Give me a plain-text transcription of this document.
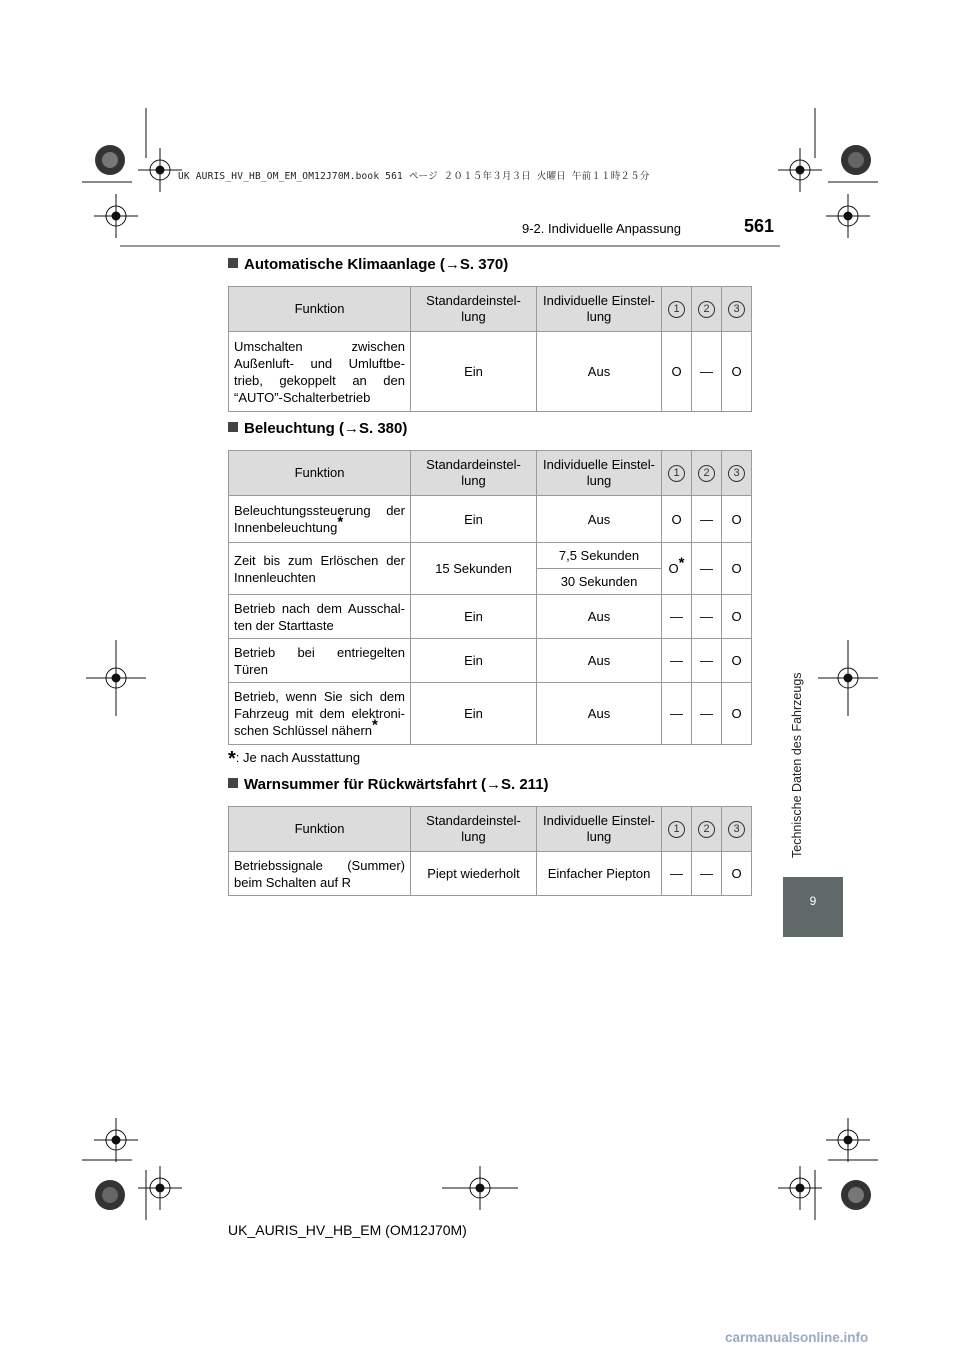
UK AURIS_HV_HB_OM_EM_OM12J70M.book 561 ページ ２０１５年３月３日 火曜日 午前１１時２５分
9-2. Individuelle Anpassung	561
Automatische Klimaanlage (→S. 370)
Funktion	Standardeinstel-lung	Individuelle Einstel-lung	1	2	3
Umschalten zwischen Außenluft- und Umluftbe-trieb, gekoppelt an den “AUTO”-Schalterbetrieb	Ein	Aus	O	—	O
Beleuchtung (→S. 380)
Funktion	Standardeinstel-lung	Individuelle Einstel-lung	1	2	3
Beleuchtungssteuerung der Innenbeleuchtung*	Ein	Aus	O	—	O
Zeit bis zum Erlöschen der Innenleuchten	15 Sekunden	7,5 Sekunden	O*	—	O
		30 Sekunden			
Betrieb nach dem Ausschal-ten der Starttaste	Ein	Aus	—	—	O
Betrieb bei entriegelten Türen	Ein	Aus	—	—	O
Betrieb, wenn Sie sich dem Fahrzeug mit dem elektroni-schen Schlüssel nähern*	Ein	Aus	—	—	O
*: Je nach Ausstattung
Warnsummer für Rückwärtsfahrt (→S. 211)
Funktion	Standardeinstel-lung	Individuelle Einstel-lung	1	2	3
Betriebssignale (Summer) beim Schalten auf R	Piept wiederholt	Einfacher Piepton	—	—	O
Technische Daten des Fahrzeugs
9
UK_AURIS_HV_HB_EM (OM12J70M)
carmanualsonline.info
